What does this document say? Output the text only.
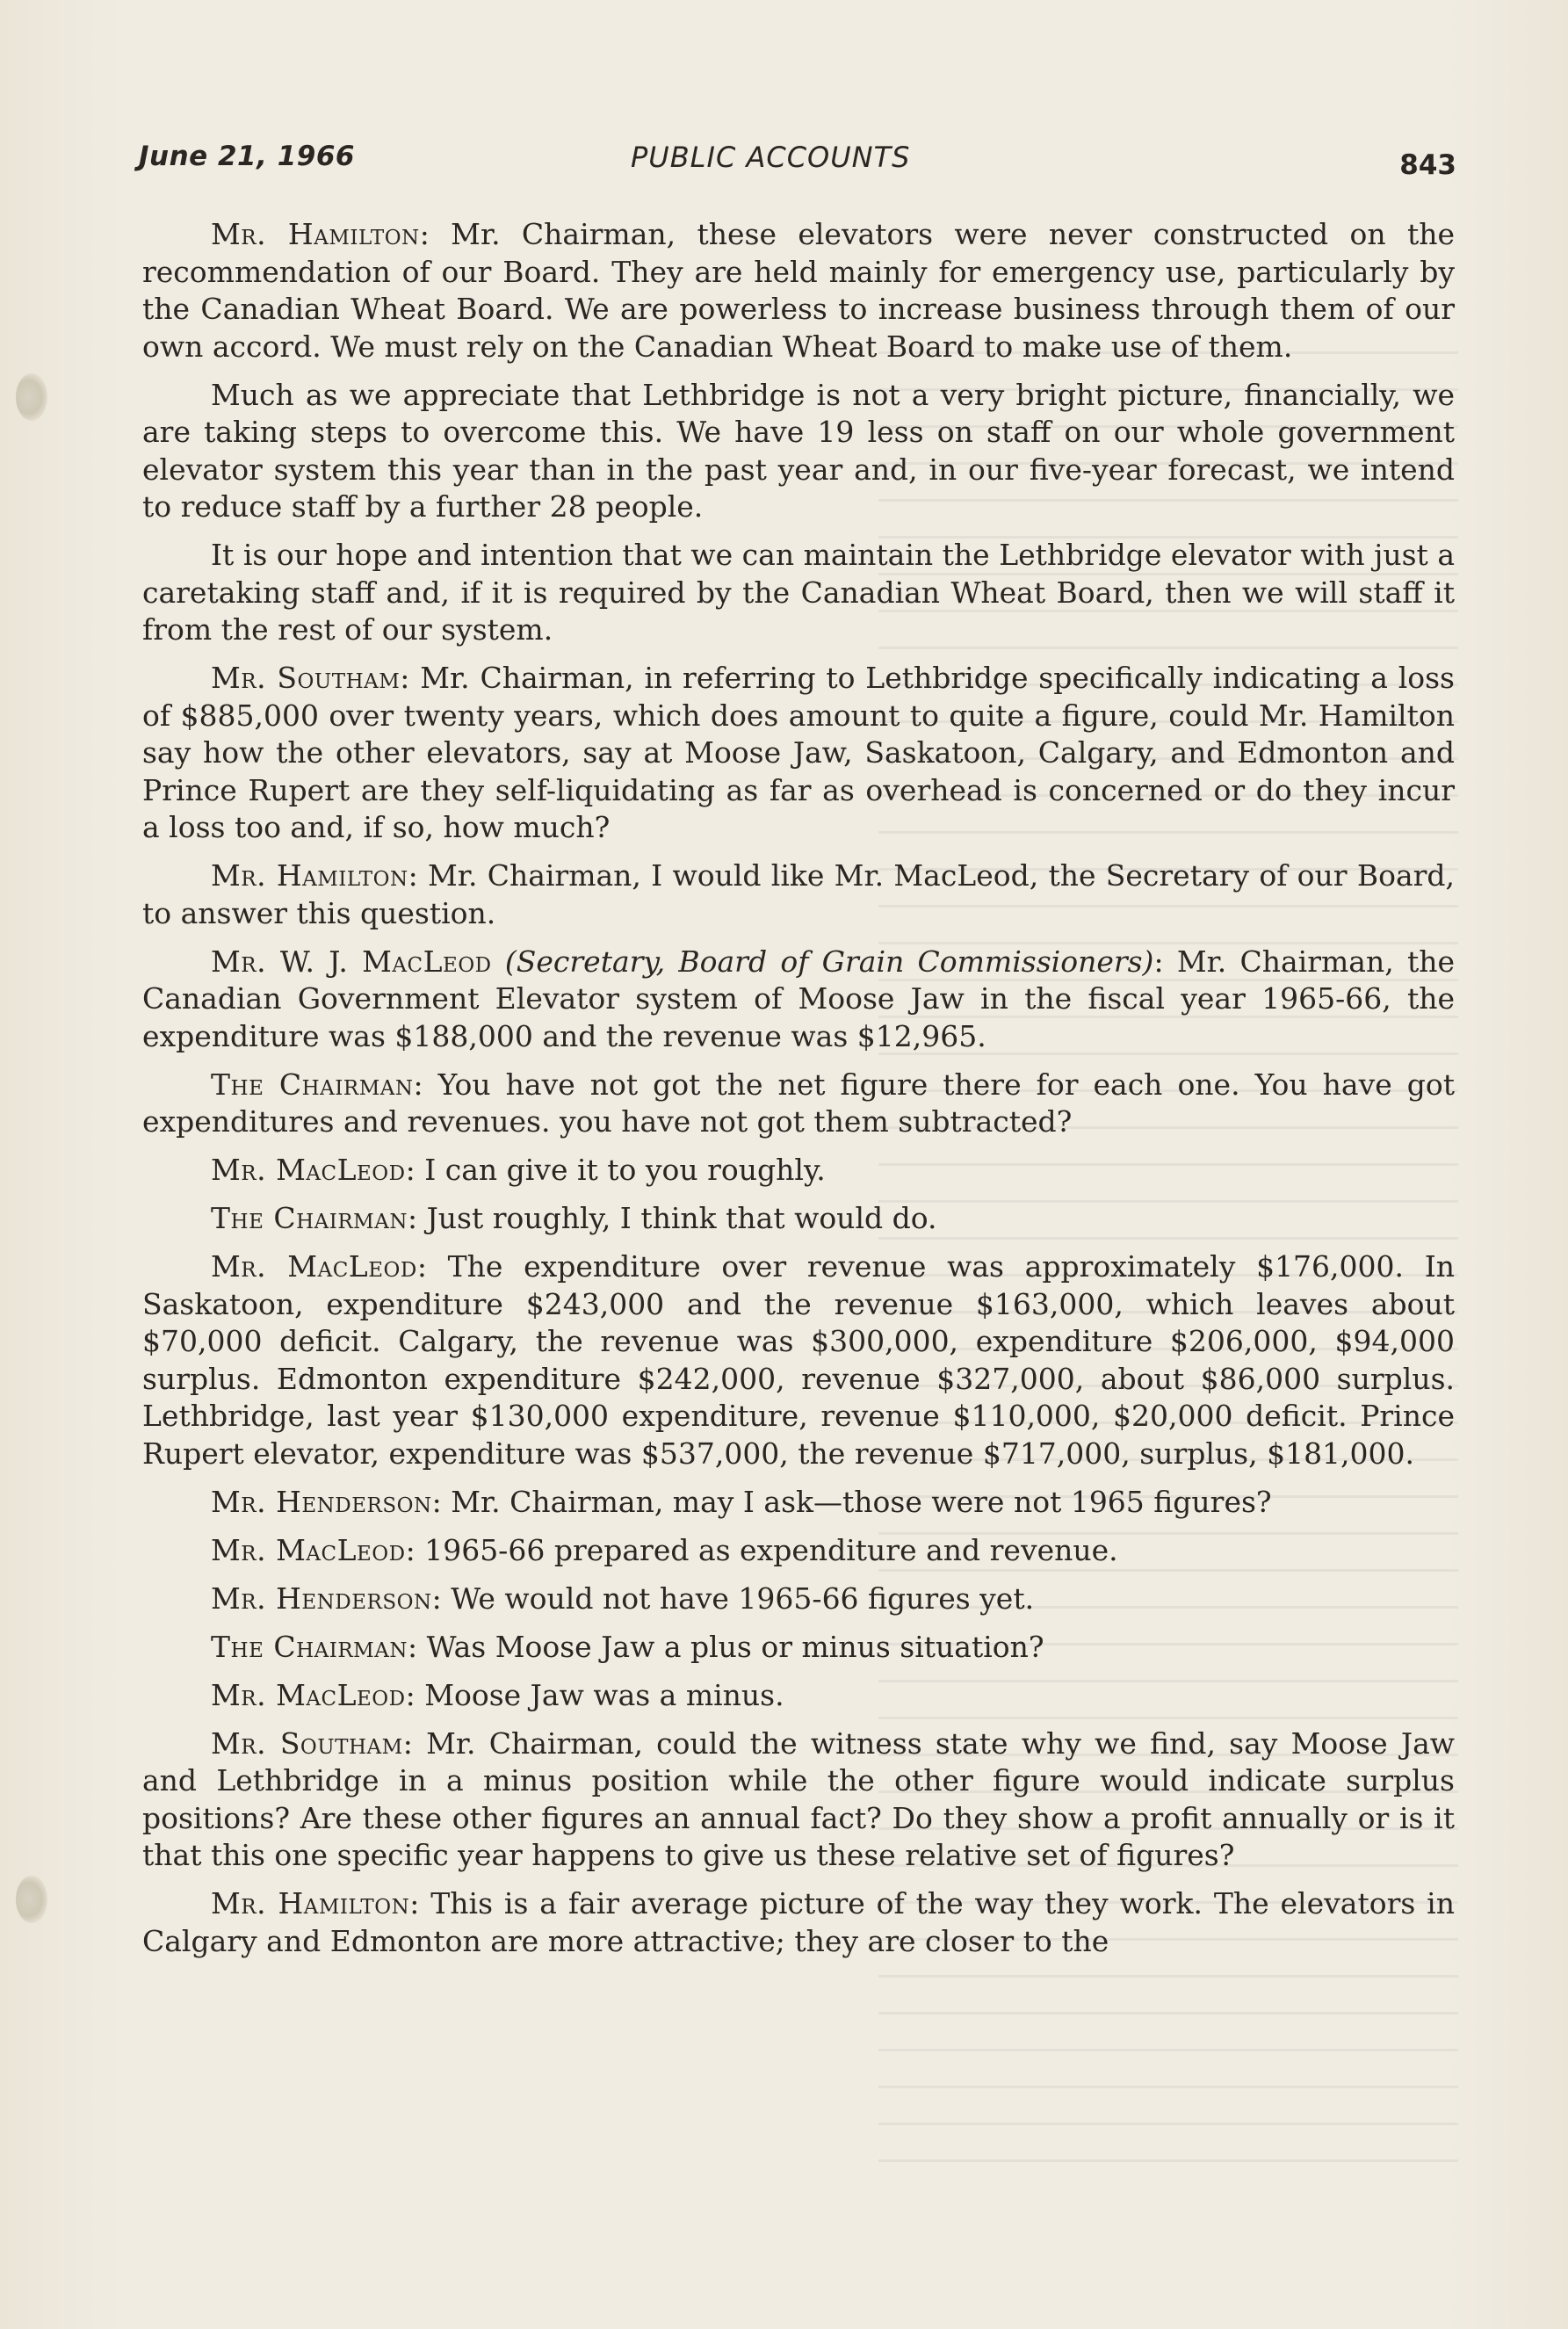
June 21, 1966	PUBLIC ACCOUNTS	843

Mr. Hamilton: Mr. Chairman, these elevators were never constructed on the recommendation of our Board. They are held mainly for emergency use, particularly by the Canadian Wheat Board. We are powerless to increase business through them of our own accord. We must rely on the Canadian Wheat Board to make use of them.

Much as we appreciate that Lethbridge is not a very bright picture, financially, we are taking steps to overcome this. We have 19 less on staff on our whole government elevator system this year than in the past year and, in our five-year forecast, we intend to reduce staff by a further 28 people.

It is our hope and intention that we can maintain the Lethbridge elevator with just a caretaking staff and, if it is required by the Canadian Wheat Board, then we will staff it from the rest of our system.

Mr. Southam: Mr. Chairman, in referring to Lethbridge specifically indicating a loss of $885,000 over twenty years, which does amount to quite a figure, could Mr. Hamilton say how the other elevators, say at Moose Jaw, Saskatoon, Calgary, and Edmonton and Prince Rupert are they self-liquidating as far as overhead is concerned or do they incur a loss too and, if so, how much?

Mr. Hamilton: Mr. Chairman, I would like Mr. MacLeod, the Secretary of our Board, to answer this question.

Mr. W. J. MacLeod (Secretary, Board of Grain Commissioners): Mr. Chairman, the Canadian Government Elevator system of Moose Jaw in the fiscal year 1965-66, the expenditure was $188,000 and the revenue was $12,965.

The Chairman: You have not got the net figure there for each one. You have got expenditures and revenues. you have not got them subtracted?

Mr. MacLeod: I can give it to you roughly.

The Chairman: Just roughly, I think that would do.

Mr. MacLeod: The expenditure over revenue was approximately $176,000. In Saskatoon, expenditure $243,000 and the revenue $163,000, which leaves about $70,000 deficit. Calgary, the revenue was $300,000, expenditure $206,000, $94,000 surplus. Edmonton expenditure $242,000, revenue $327,000, about $86,000 surplus. Lethbridge, last year $130,000 expenditure, revenue $110,000, $20,000 deficit. Prince Rupert elevator, expenditure was $537,000, the revenue $717,000, surplus, $181,000.

Mr. Henderson: Mr. Chairman, may I ask—those were not 1965 figures?

Mr. MacLeod: 1965-66 prepared as expenditure and revenue.

Mr. Henderson: We would not have 1965-66 figures yet.

The Chairman: Was Moose Jaw a plus or minus situation?

Mr. MacLeod: Moose Jaw was a minus.

Mr. Southam: Mr. Chairman, could the witness state why we find, say Moose Jaw and Lethbridge in a minus position while the other figure would indicate surplus positions? Are these other figures an annual fact? Do they show a profit annually or is it that this one specific year happens to give us these relative set of figures?

Mr. Hamilton: This is a fair average picture of the way they work. The elevators in Calgary and Edmonton are more attractive; they are closer to the
